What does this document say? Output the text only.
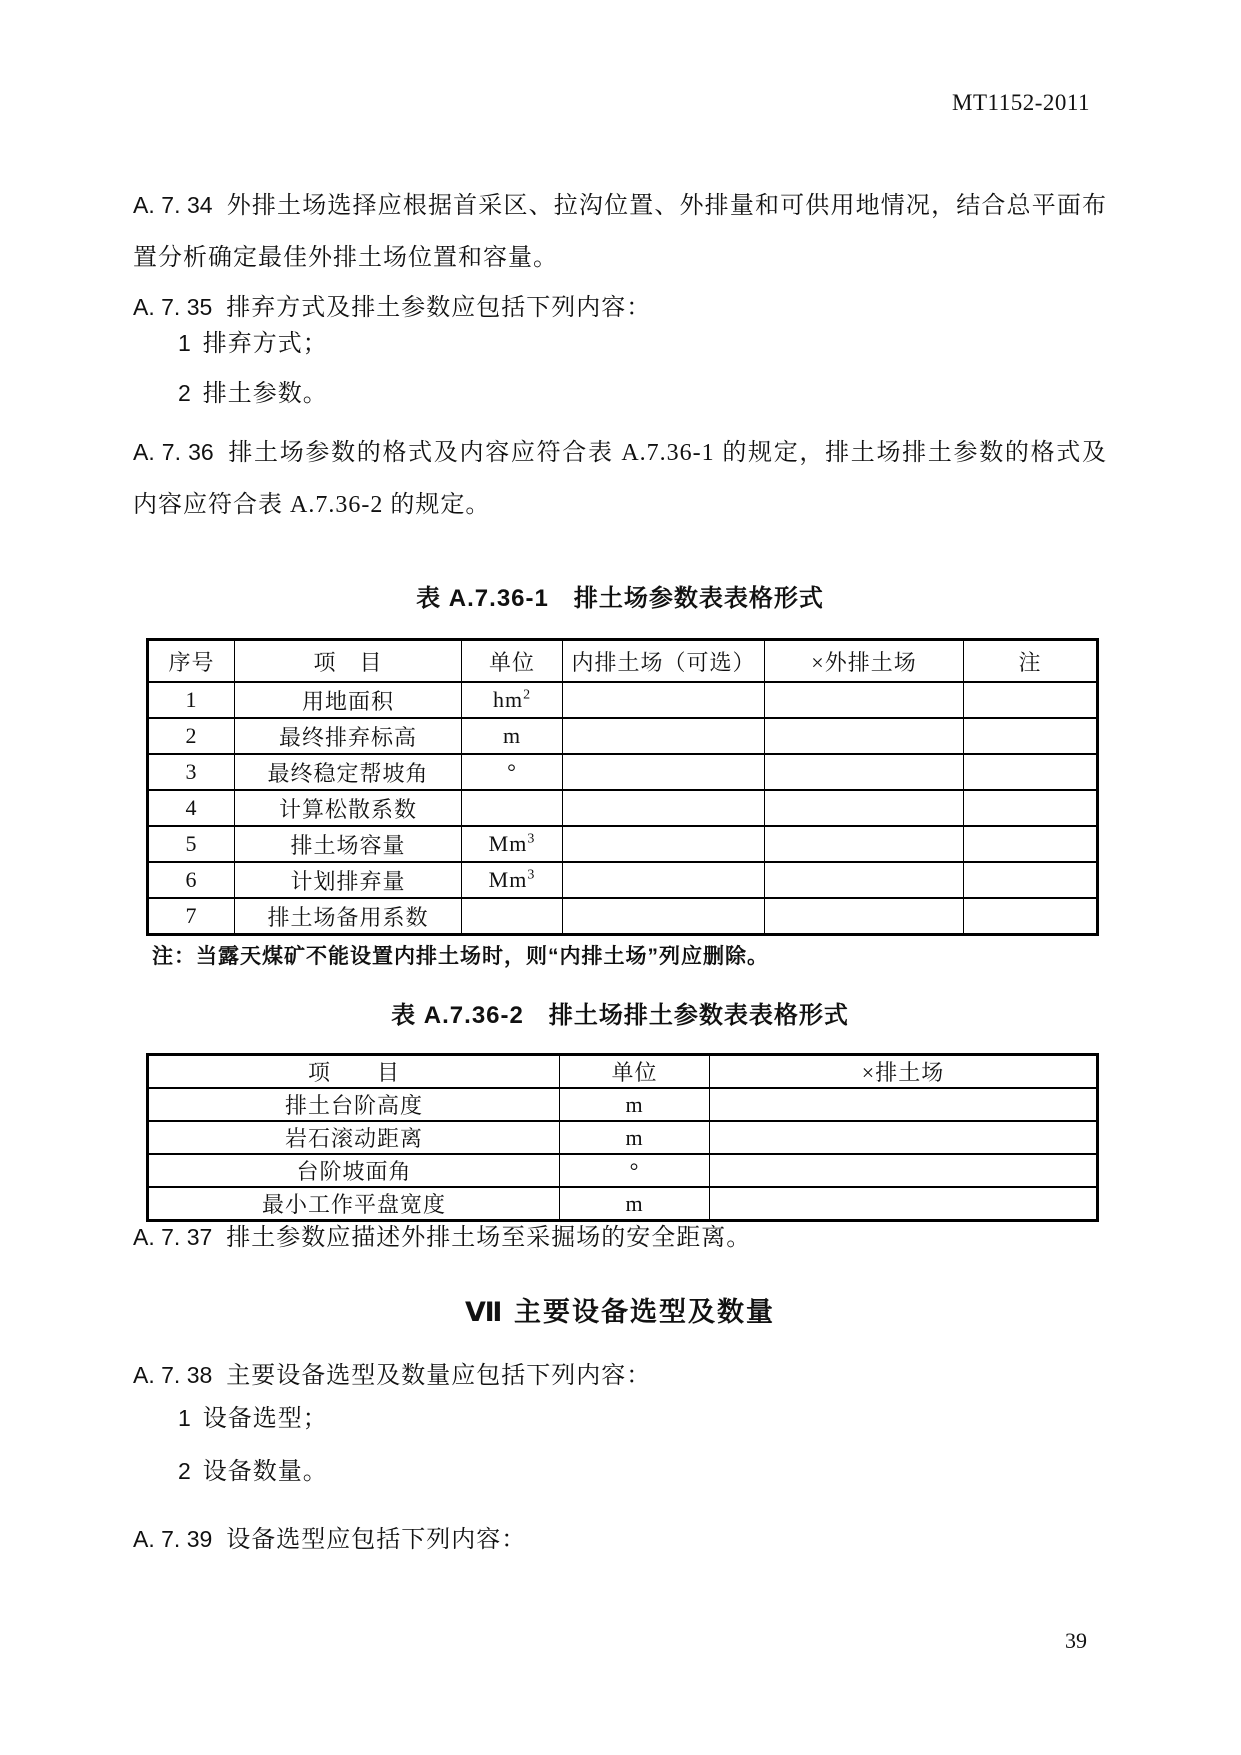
MT1152-2011
A. 7. 34 外排土场选择应根据首采区、拉沟位置、外排量和可供用地情况，结合总平面布置分析确定最佳外排土场位置和容量。
A. 7. 35 排弃方式及排土参数应包括下列内容：
1 排弃方式；
2 排土参数。
A. 7. 36 排土场参数的格式及内容应符合表 A.7.36-1 的规定，排土场排土参数的格式及内容应符合表 A.7.36-2 的规定。
表 A.7.36-1　排土场参数表表格形式
序号	项　目	单位	内排土场（可选）	×外排土场	注
1	用地面积	$hm^2$			
2	最终排弃标高	m			
3	最终稳定帮坡角	°			
4	计算松散系数				
5	排土场容量	Mm$^3$			
6	计划排弃量	Mm$^3$			
7	排土场备用系数				
注：当露天煤矿不能设置内排土场时，则“内排土场”列应删除。
表 A.7.36-2　排土场排土参数表表格形式
项　　目	单位	×排土场
排土台阶高度	m	
岩石滚动距离	m	
台阶坡面角	°	
最小工作平盘宽度	m	
A. 7. 37 排土参数应描述外排土场至采掘场的安全距离。
Ⅶ 主要设备选型及数量
A. 7. 38 主要设备选型及数量应包括下列内容：
1 设备选型；
2 设备数量。
A. 7. 39 设备选型应包括下列内容：
39
